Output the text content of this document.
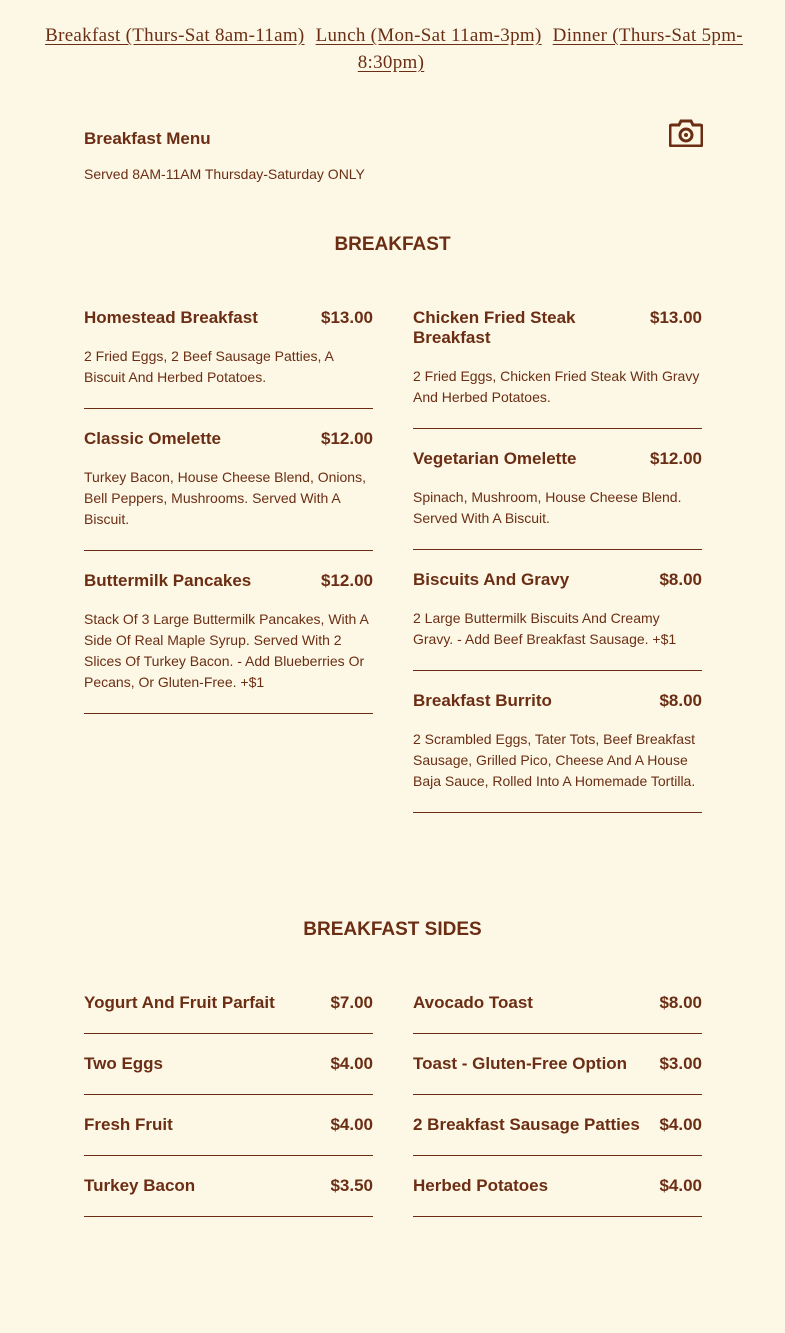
Breakfast (Thurs-Sat 8am-11am) Lunch (Mon-Sat 11am-3pm) Dinner (Thurs-Sat 5pm-8:30pm)
Breakfast Menu
Served 8AM-11AM Thursday-Saturday ONLY
BREAKFAST
Homestead Breakfast	$13.00
2 Fried Eggs, 2 Beef Sausage Patties, A Biscuit And Herbed Potatoes.
Classic Omelette	$12.00
Turkey Bacon, House Cheese Blend, Onions, Bell Peppers, Mushrooms. Served With A Biscuit.
Buttermilk Pancakes	$12.00
Stack Of 3 Large Buttermilk Pancakes, With A Side Of Real Maple Syrup. Served With 2 Slices Of Turkey Bacon. - Add Blueberries Or Pecans, Or Gluten-Free. +$1
Chicken Fried Steak Breakfast
$13.00
2 Fried Eggs, Chicken Fried Steak With Gravy And Herbed Potatoes.
Vegetarian Omelette	$12.00
Spinach, Mushroom, House Cheese Blend. Served With A Biscuit.
Biscuits And Gravy	$8.00
2 Large Buttermilk Biscuits And Creamy Gravy. - Add Beef Breakfast Sausage. +$1
Breakfast Burrito	$8.00
2 Scrambled Eggs, Tater Tots, Beef Breakfast Sausage, Grilled Pico, Cheese And A House Baja Sauce, Rolled Into A Homemade Tortilla.
BREAKFAST SIDES
Yogurt And Fruit Parfait	$7.00
Two Eggs	$4.00
Fresh Fruit	$4.00
Turkey Bacon	$3.50
Avocado Toast	$8.00
Toast - Gluten-Free Option $3.00
2 Breakfast Sausage Patties $4.00
Herbed Potatoes	$4.00
